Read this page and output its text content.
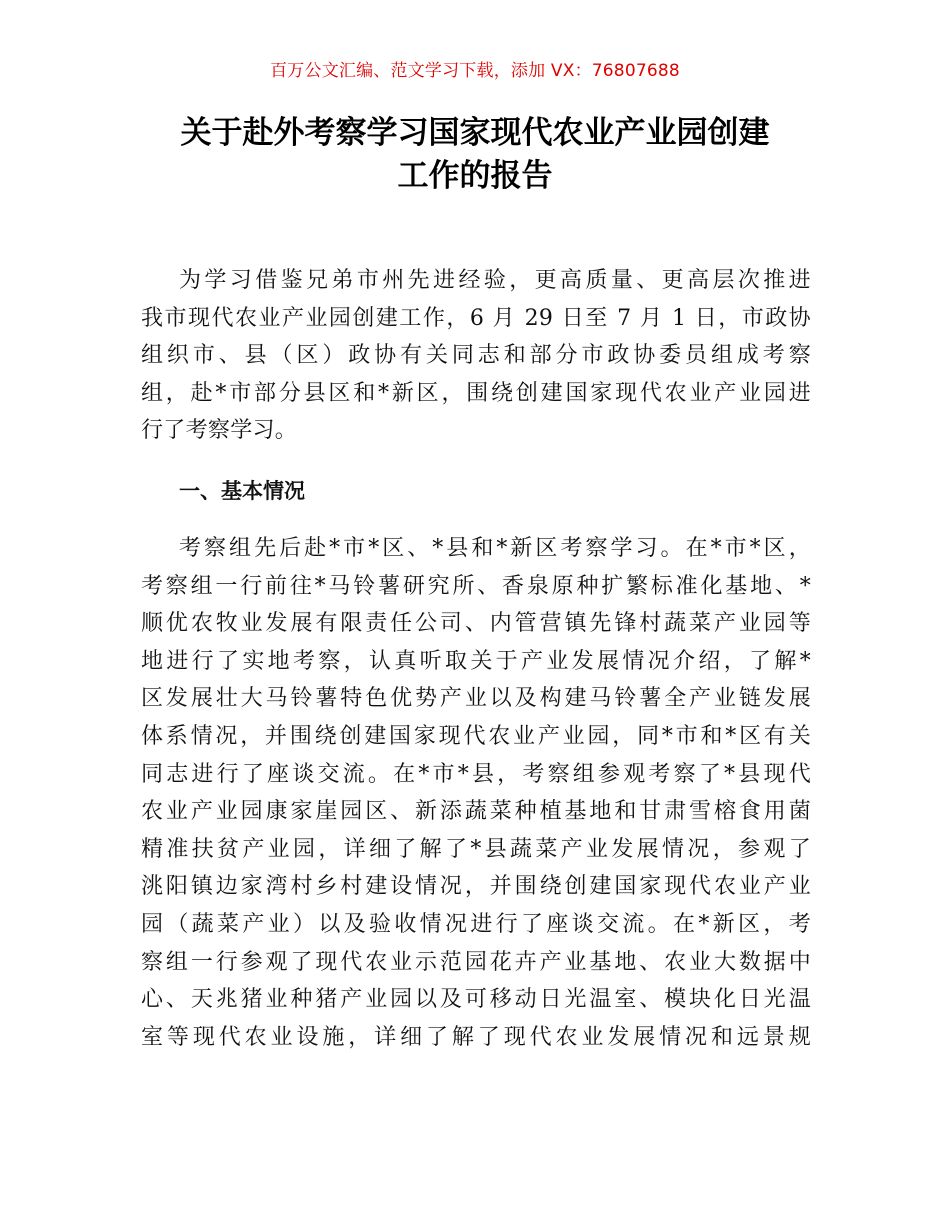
百万公文汇编、范文学习下载，添加 VX：76807688
关于赴外考察学习国家现代农业产业园创建
工作的报告
为学习借鉴兄弟市州先进经验，更高质量、更高层次推进
我市现代农业产业园创建工作，6 月 29 日至 7 月 1 日，市政协
组织市、县（区）政协有关同志和部分市政协委员组成考察
组，赴*市部分县区和*新区，围绕创建国家现代农业产业园进
行了考察学习。
一、基本情况
考察组先后赴*市*区、*县和*新区考察学习。在*市*区，
考察组一行前往*马铃薯研究所、香泉原种扩繁标准化基地、*
顺优农牧业发展有限责任公司、内管营镇先锋村蔬菜产业园等
地进行了实地考察，认真听取关于产业发展情况介绍，了解*
区发展壮大马铃薯特色优势产业以及构建马铃薯全产业链发展
体系情况，并围绕创建国家现代农业产业园，同*市和*区有关
同志进行了座谈交流。在*市*县，考察组参观考察了*县现代
农业产业园康家崖园区、新添蔬菜种植基地和甘肃雪榕食用菌
精准扶贫产业园，详细了解了*县蔬菜产业发展情况，参观了
洮阳镇边家湾村乡村建设情况，并围绕创建国家现代农业产业
园（蔬菜产业）以及验收情况进行了座谈交流。在*新区，考
察组一行参观了现代农业示范园花卉产业基地、农业大数据中
心、天兆猪业种猪产业园以及可移动日光温室、模块化日光温
室等现代农业设施，详细了解了现代农业发展情况和远景规
